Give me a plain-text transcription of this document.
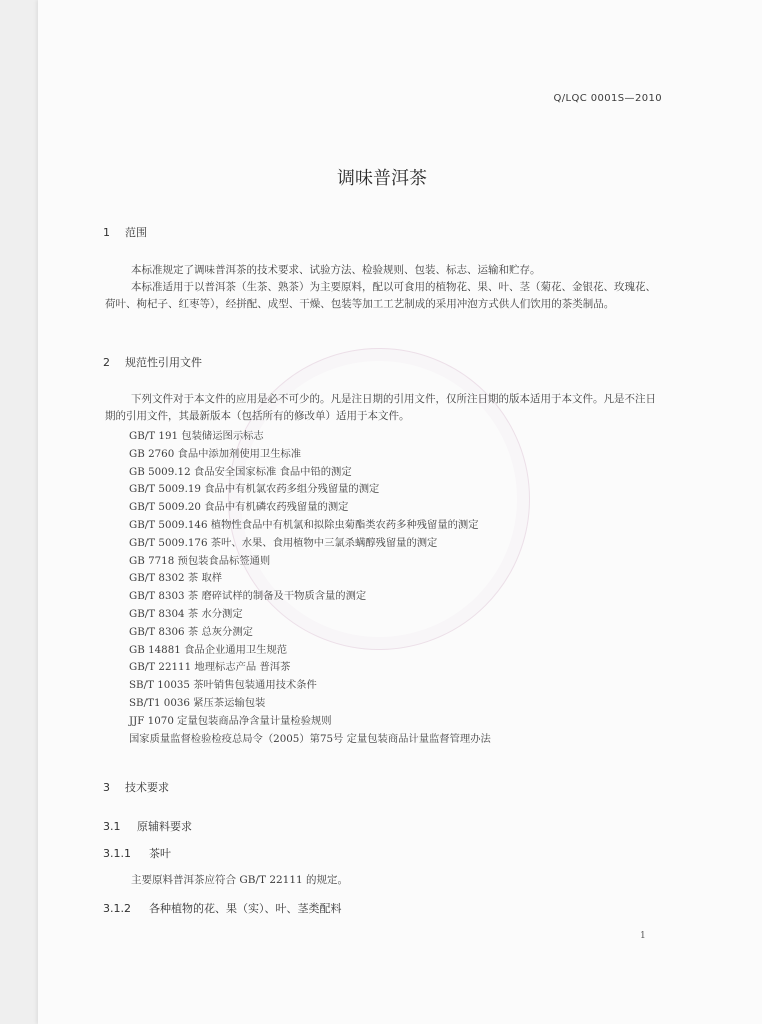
Q/LQC 0001S—2010
调味普洱茶
1 范围

本标准规定了调味普洱茶的技术要求、试验方法、检验规则、包装、标志、运输和贮存。

本标准适用于以普洱茶（生茶、熟茶）为主要原料，配以可食用的植物花、果、叶、茎（菊花、金银花、玫瑰花、荷叶、枸杞子、红枣等），经拼配、成型、干燥、包装等加工工艺制成的采用冲泡方式供人们饮用的茶类制品。

2 规范性引用文件

下列文件对于本文件的应用是必不可少的。凡是注日期的引用文件，仅所注日期的版本适用于本文件。凡是不注日期的引用文件，其最新版本（包括所有的修改单）适用于本文件。

GB/T 191 包装储运图示标志
GB 2760 食品中添加剂使用卫生标准
GB 5009.12 食品安全国家标准 食品中铅的测定
GB/T 5009.19 食品中有机氯农药多组分残留量的测定
GB/T 5009.20 食品中有机磷农药残留量的测定
GB/T 5009.146 植物性食品中有机氯和拟除虫菊酯类农药多种残留量的测定
GB/T 5009.176 茶叶、水果、食用植物中三氯杀螨醇残留量的测定
GB 7718 预包装食品标签通则
GB/T 8302 茶 取样
GB/T 8303 茶 磨碎试样的制备及干物质含量的测定
GB/T 8304 茶 水分测定
GB/T 8306 茶 总灰分测定
GB 14881 食品企业通用卫生规范
GB/T 22111 地理标志产品 普洱茶
SB/T 10035 茶叶销售包装通用技术条件
SB/T1 0036 紧压茶运输包装
JJF 1070 定量包装商品净含量计量检验规则
国家质量监督检验检疫总局令（2005）第75号 定量包装商品计量监督管理办法
3 技术要求
3.1 原辅料要求
3.1.1 茶叶

主要原料普洱茶应符合 GB/T 22111 的规定。

3.1.2 各种植物的花、果（实）、叶、茎类配料
1
